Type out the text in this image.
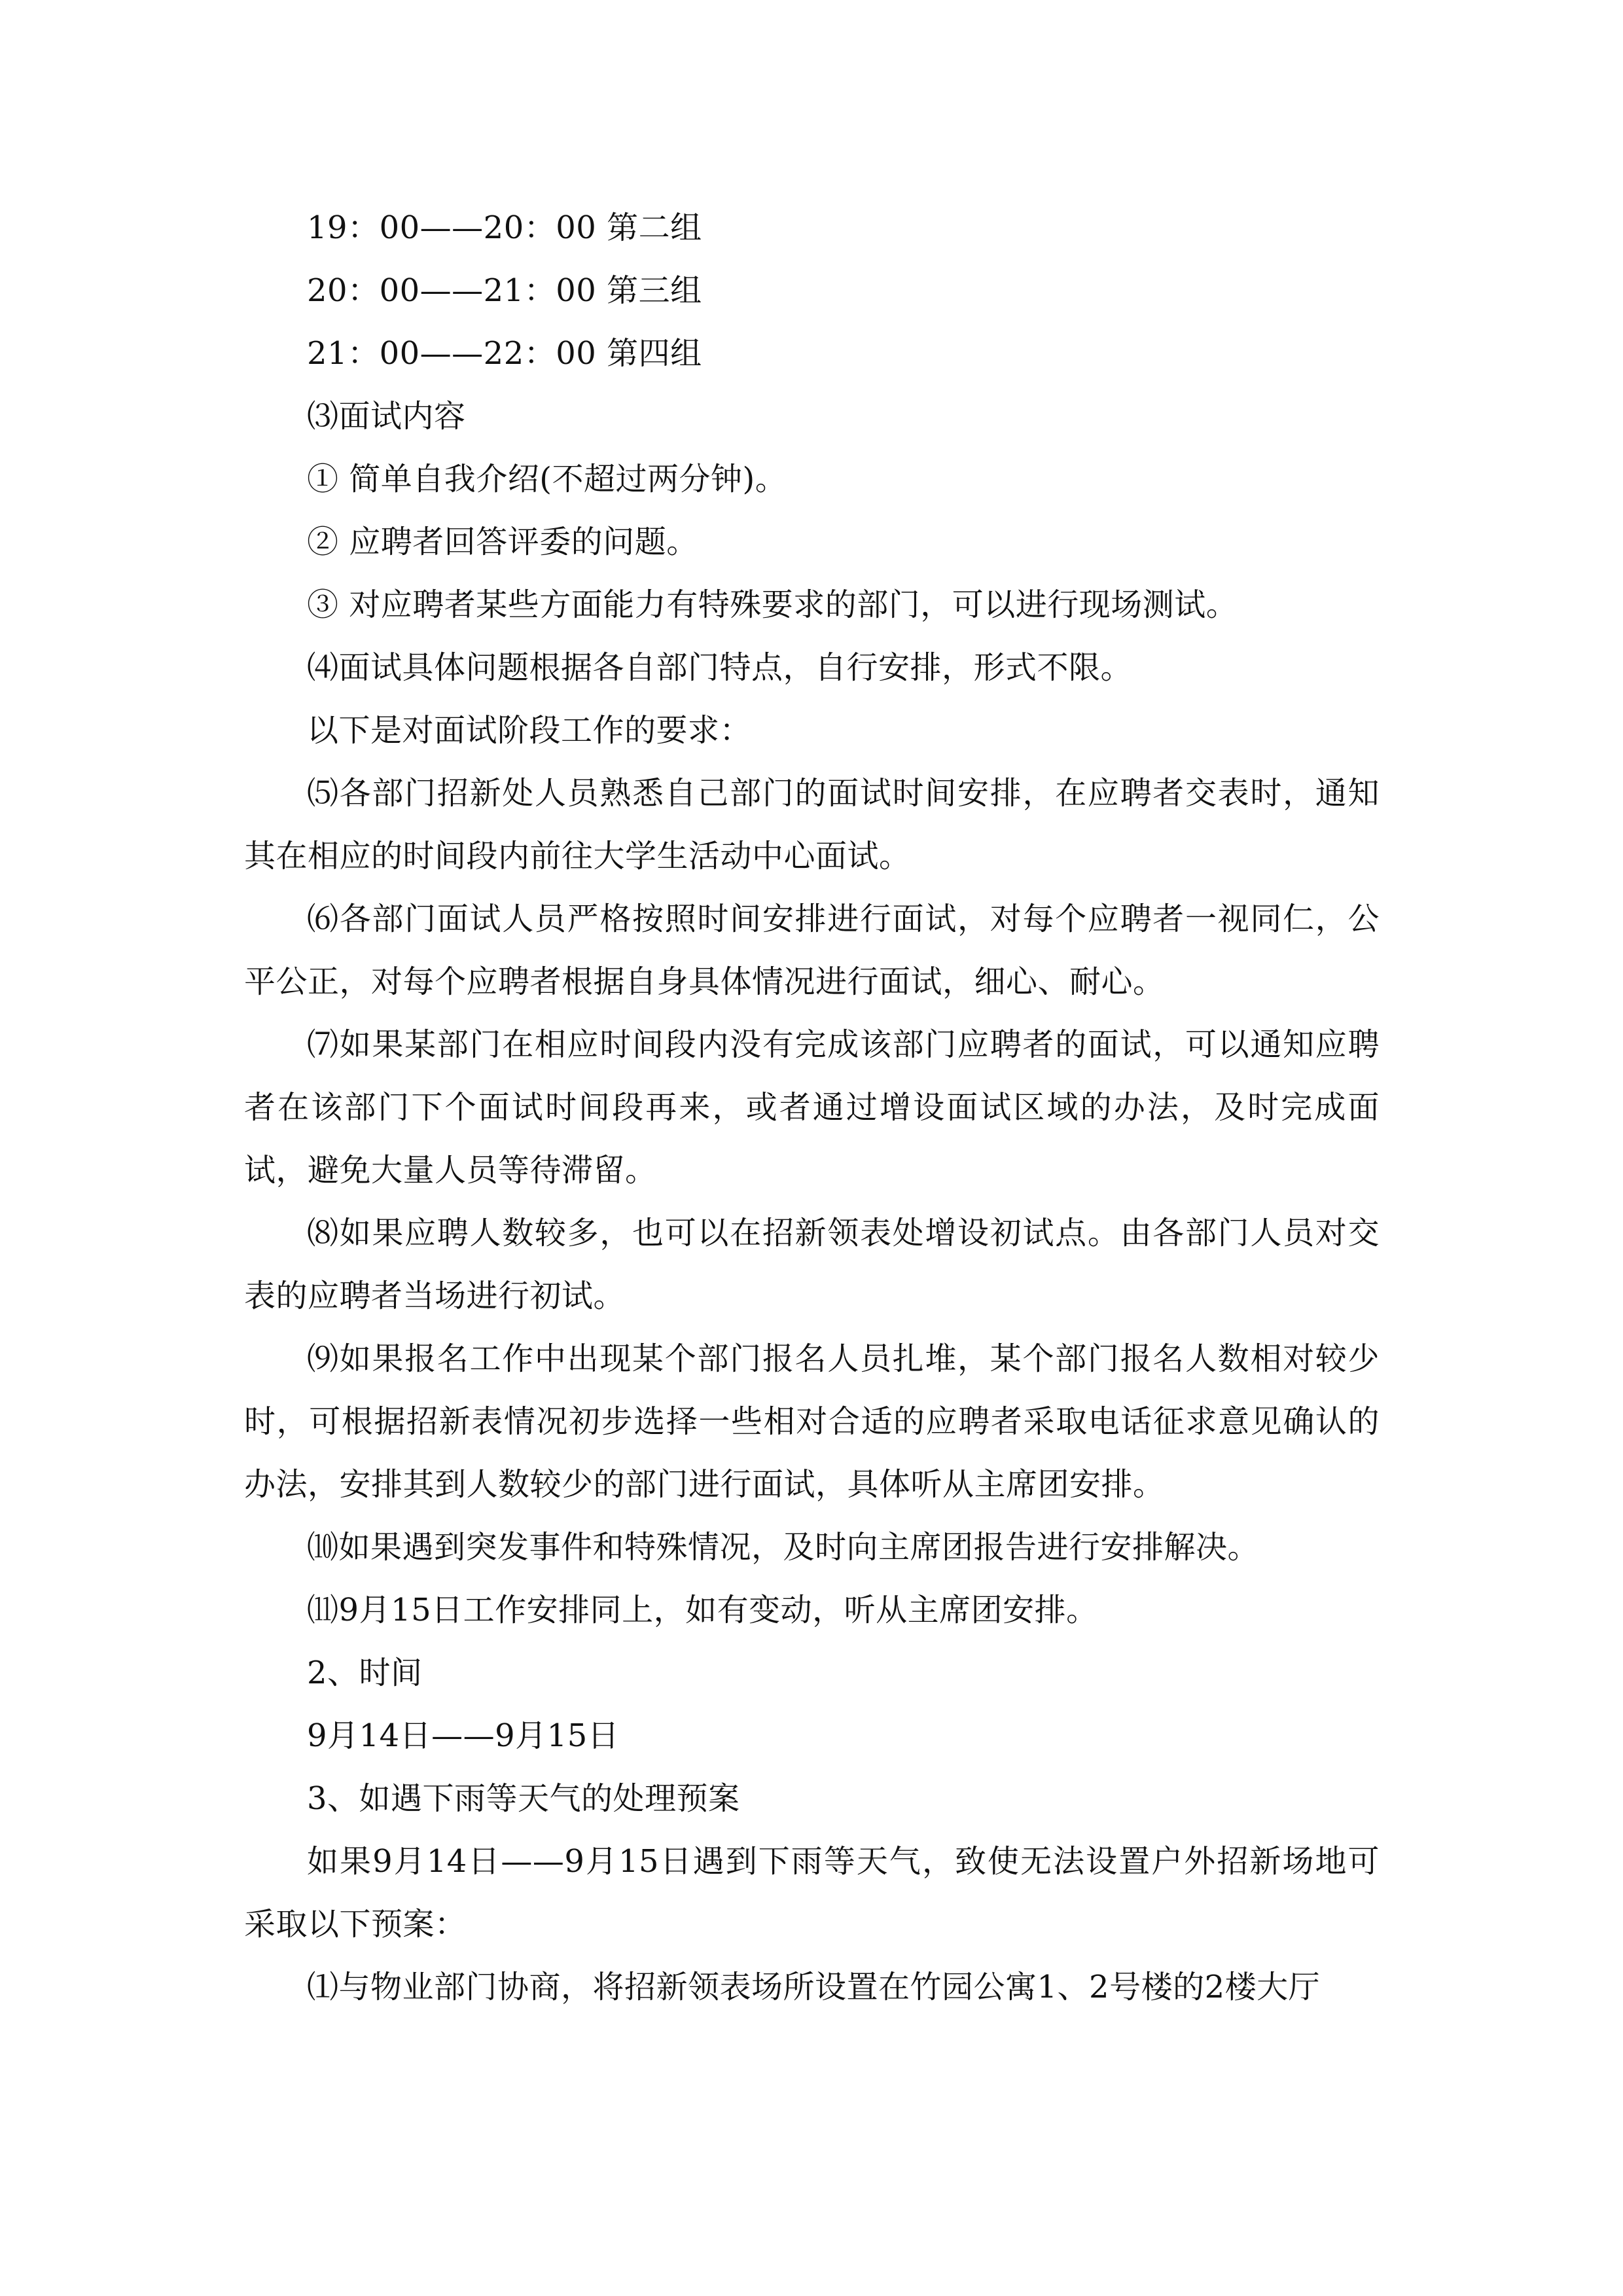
19：00——20：00 第二组

20：00——21：00 第三组

21：00——22：00 第四组

⑶面试内容

① 简单自我介绍(不超过两分钟)。

② 应聘者回答评委的问题。

③ 对应聘者某些方面能力有特殊要求的部门，可以进行现场测试。

⑷面试具体问题根据各自部门特点，自行安排，形式不限。

以下是对面试阶段工作的要求：

⑸各部门招新处人员熟悉自己部门的面试时间安排，在应聘者交表时，通知其在相应的时间段内前往大学生活动中心面试。

⑹各部门面试人员严格按照时间安排进行面试，对每个应聘者一视同仁，公平公正，对每个应聘者根据自身具体情况进行面试，细心、耐心。

⑺如果某部门在相应时间段内没有完成该部门应聘者的面试，可以通知应聘者在该部门下个面试时间段再来，或者通过增设面试区域的办法，及时完成面试，避免大量人员等待滞留。

⑻如果应聘人数较多，也可以在招新领表处增设初试点。由各部门人员对交表的应聘者当场进行初试。

⑼如果报名工作中出现某个部门报名人员扎堆，某个部门报名人数相对较少时，可根据招新表情况初步选择一些相对合适的应聘者采取电话征求意见确认的办法，安排其到人数较少的部门进行面试，具体听从主席团安排。

⑽如果遇到突发事件和特殊情况，及时向主席团报告进行安排解决。

⑾9月15日工作安排同上，如有变动，听从主席团安排。

2、时间

9月14日——9月15日

3、如遇下雨等天气的处理预案

如果9月14日——9月15日遇到下雨等天气，致使无法设置户外招新场地可采取以下预案：

⑴与物业部门协商，将招新领表场所设置在竹园公寓1、2号楼的2楼大厅
